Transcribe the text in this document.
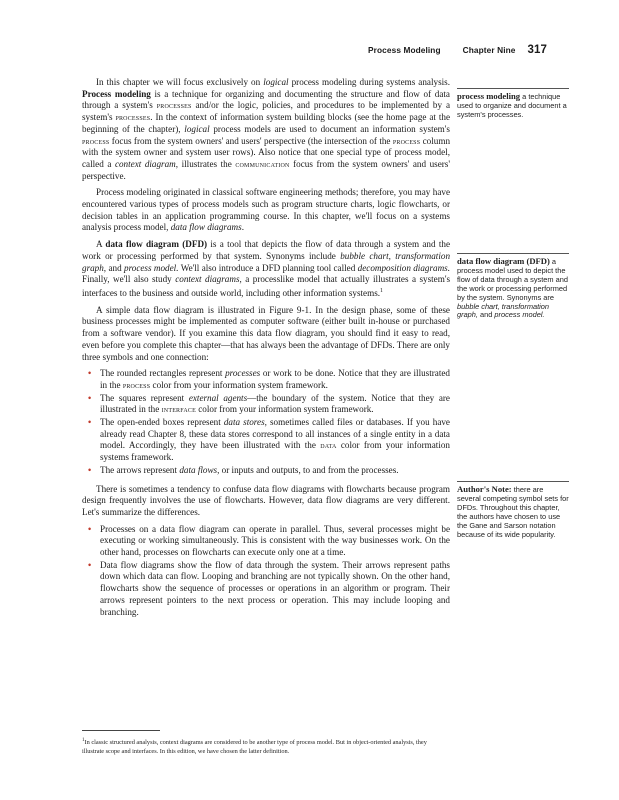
Process Modeling	Chapter Nine 317

In this chapter we will focus exclusively on logical process modeling during systems analysis. Process modeling is a technique for organizing and documenting the structure and flow of data through a system's processes and/or the logic, policies, and procedures to be implemented by a system's processes. In the context of information system building blocks (see the home page at the beginning of the chapter), logical process models are used to document an information system's process focus from the system owners' and users' perspective (the intersection of the process column with the system owner and system user rows). Also notice that one special type of process model, called a context diagram, illustrates the communication focus from the system owners' and users' perspective.

Process modeling originated in classical software engineering methods; therefore, you may have encountered various types of process models such as program structure charts, logic flowcharts, or decision tables in an application programming course. In this chapter, we'll focus on a systems analysis process model, data flow diagrams.

A data flow diagram (DFD) is a tool that depicts the flow of data through a system and the work or processing performed by that system. Synonyms include bubble chart, transformation graph, and process model. We'll also introduce a DFD planning tool called decomposition diagrams. Finally, we'll also study context diagrams, a processlike model that actually illustrates a system's interfaces to the business and outside world, including other information systems.$^1$

A simple data flow diagram is illustrated in Figure 9-1. In the design phase, some of these business processes might be implemented as computer software (either built in-house or purchased from a software vendor). If you examine this data flow diagram, you should find it easy to read, even before you complete this chapter—that has always been the advantage of DFDs. There are only three symbols and one connection:

• The rounded rectangles represent processes or work to be done. Notice that they are illustrated in the process color from your information system framework.
• The squares represent external agents—the boundary of the system. Notice that they are illustrated in the interface color from your information system framework.
• The open-ended boxes represent data stores, sometimes called files or databases. If you have already read Chapter 8, these data stores correspond to all instances of a single entity in a data model. Accordingly, they have been illustrated with the data color from your information systems framework.
• The arrows represent data flows, or inputs and outputs, to and from the processes.

There is sometimes a tendency to confuse data flow diagrams with flowcharts because program design frequently involves the use of flowcharts. However, data flow diagrams are very different. Let's summarize the differences.

• Processes on a data flow diagram can operate in parallel. Thus, several processes might be executing or working simultaneously. This is consistent with the way businesses work. On the other hand, processes on flowcharts can execute only one at a time.
• Data flow diagrams show the flow of data through the system. Their arrows represent paths down which data can flow. Looping and branching are not typically shown. On the other hand, flowcharts show the sequence of processes or operations in an algorithm or program. Their arrows represent pointers to the next process or operation. This may include looping and branching.
process modeling a technique used to organize and document a system's processes.
data flow diagram (DFD) a process model used to depict the flow of data through a system and the work or processing performed by the system. Synonyms are bubble chart, transformation graph, and process model.
Author's Note: there are several competing symbol sets for DFDs. Throughout this chapter, the authors have chosen to use the Gane and Sarson notation because of its wide popularity.
$^1$In classic structured analysis, context diagrams are considered to be another type of process model. But in object-oriented analysis, they illustrate scope and interfaces. In this edition, we have chosen the latter definition.
